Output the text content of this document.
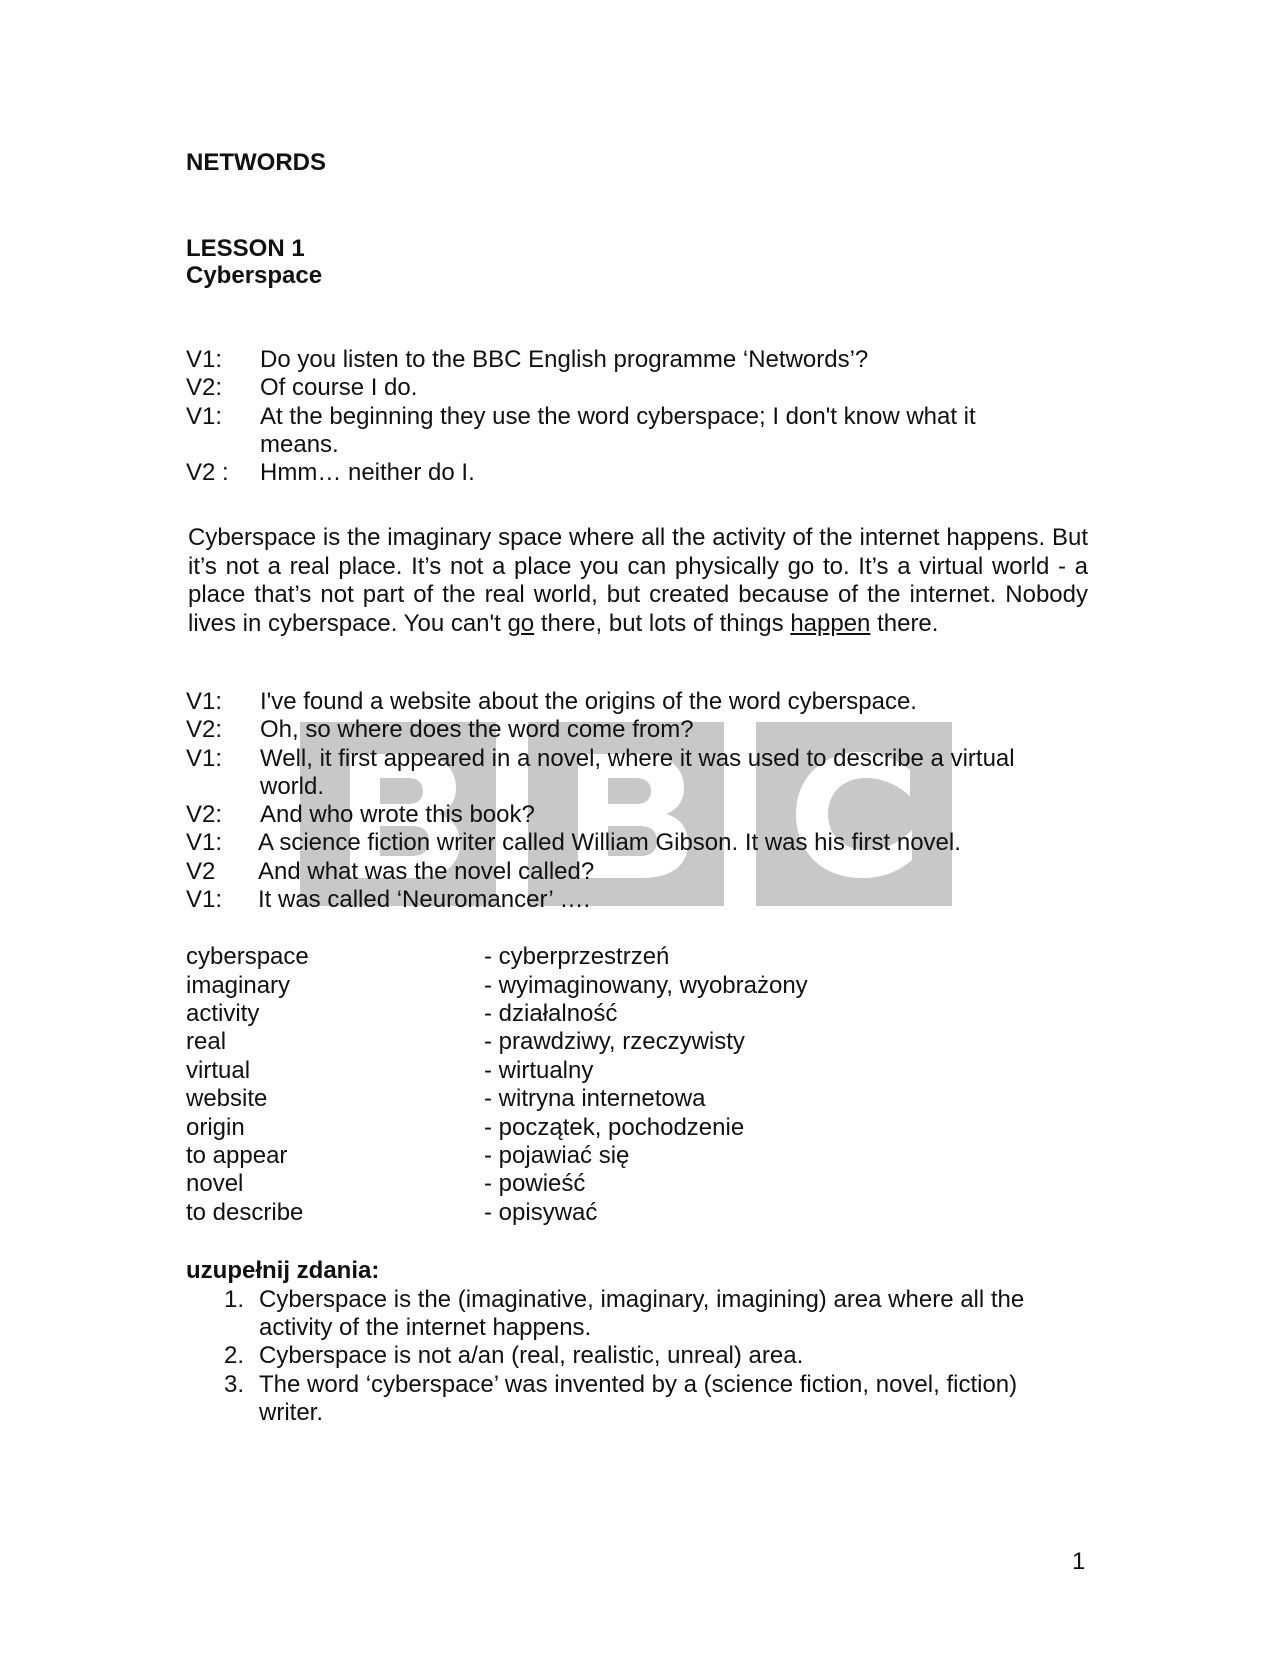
NETWORDS
LESSON 1
Cyberspace
V1: Do you listen to the BBC English programme ‘Networds’?
V2: Of course I do.
V1: At the beginning they use the word cyberspace; I don't know what it
means.
V2 : Hmm… neither do I.
Cyberspace is the imaginary space where all the activity of the internet happens. But it’s not a real place. It’s not a place you can physically go to. It’s a virtual world - a place that’s not part of the real world, but created because of the internet. Nobody lives in cyberspace. You can't go there, but lots of things happen there.
V1: I've found a website about the origins of the word cyberspace.
V2: Oh, so where does the word come from?
V1: Well, it first appeared in a novel, where it was used to describe a virtual
world.
V2: And who wrote this book?
V1: A science fiction writer called William Gibson. It was his first novel.
V2 And what was the novel called?
V1: It was called ‘Neuromancer’ ….
cyberspace	- cyberprzestrzeń
imaginary	- wyimaginowany, wyobrażony
activity	- działalność
real	- prawdziwy, rzeczywisty
virtual	- wirtualny
website	- witryna internetowa
origin	- początek, pochodzenie
to appear	- pojawiać się
novel	- powieść
to describe	- opisywać
uzupełnij zdania:
1. Cyberspace is the (imaginative, imaginary, imagining) area where all the
activity of the internet happens.
2. Cyberspace is not a/an (real, realistic, unreal) area.
3. The word ‘cyberspace’ was invented by a (science fiction, novel, fiction)
writer.
1
